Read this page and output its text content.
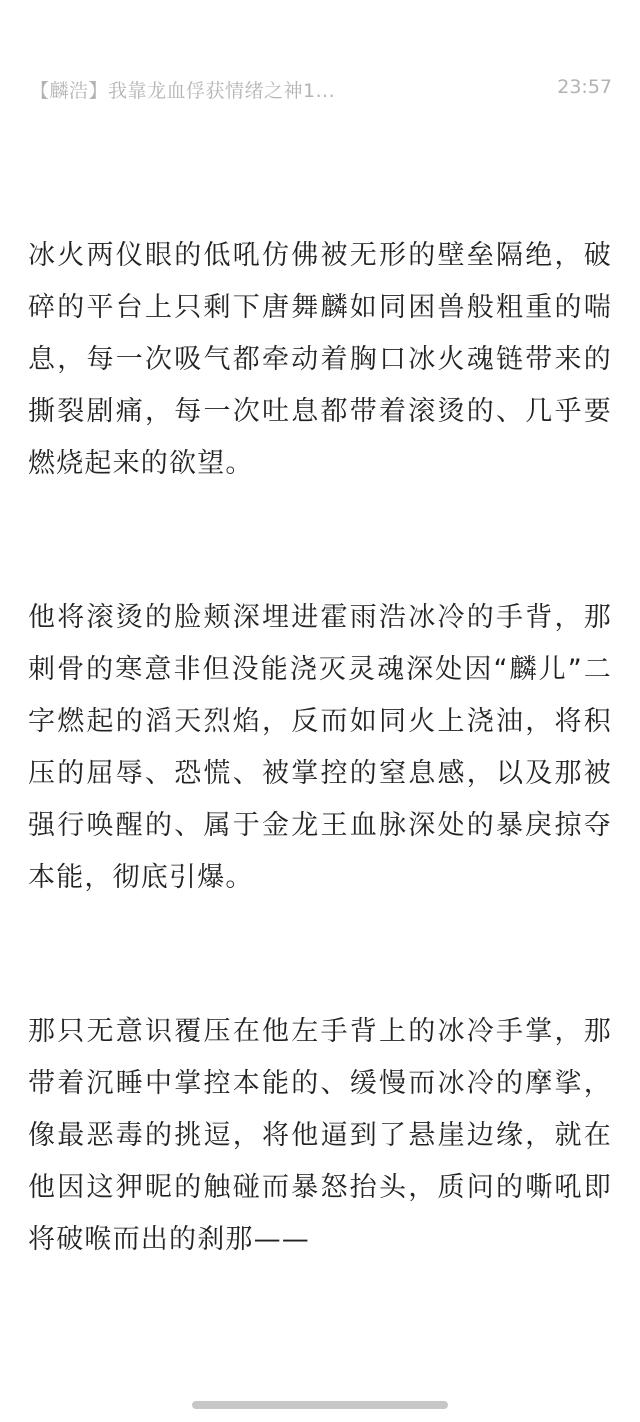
【麟浩】我靠龙血俘获情绪之神1...	23:57

冰火两仪眼的低吼仿佛被无形的壁垒隔绝，破碎的平台上只剩下唐舞麟如同困兽般粗重的喘息，每一次吸气都牵动着胸口冰火魂链带来的撕裂剧痛，每一次吐息都带着滚烫的、几乎要燃烧起来的欲望。

他将滚烫的脸颊深埋进霍雨浩冰冷的手背，那刺骨的寒意非但没能浇灭灵魂深处因“麟儿”二字燃起的滔天烈焰，反而如同火上浇油，将积压的屈辱、恐慌、被掌控的窒息感，以及那被强行唤醒的、属于金龙王血脉深处的暴戾掠夺本能，彻底引爆。

那只无意识覆压在他左手背上的冰冷手掌，那带着沉睡中掌控本能的、缓慢而冰冷的摩挲，像最恶毒的挑逗，将他逼到了悬崖边缘，就在他因这狎昵的触碰而暴怒抬头，质问的嘶吼即将破喉而出的刹那——
